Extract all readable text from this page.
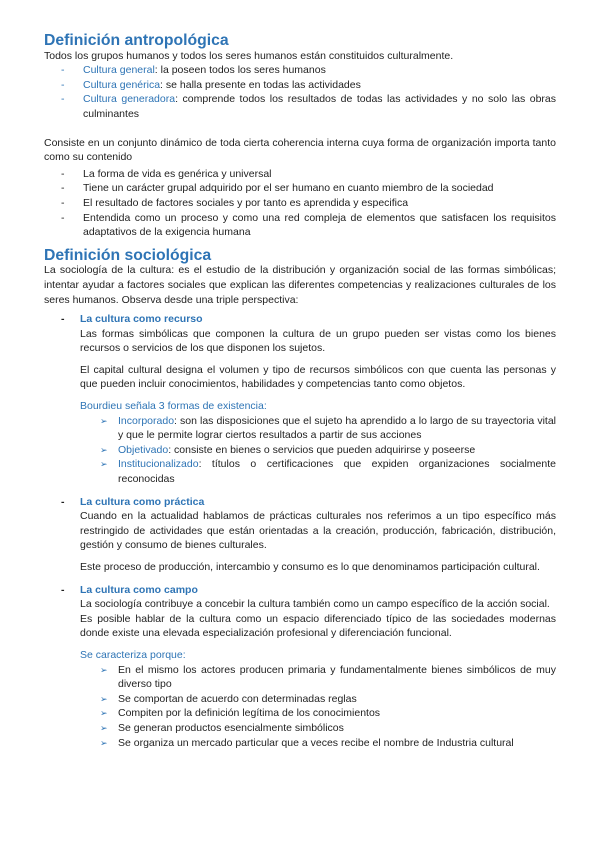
Definición antropológica

Todos los grupos humanos y todos los seres humanos están constituidos culturalmente.

- Cultura general: la poseen todos los seres humanos
- Cultura genérica: se halla presente en todas las actividades
- Cultura generadora: comprende todos los resultados de todas las actividades y no solo las obras culminantes

Consiste en un conjunto dinámico de toda cierta coherencia interna cuya forma de organización importa tanto como su contenido

- La forma de vida es genérica y universal
- Tiene un carácter grupal adquirido por el ser humano en cuanto miembro de la sociedad
- El resultado de factores sociales y por tanto es aprendida y especifica
- Entendida como un proceso y como una red compleja de elementos que satisfacen los requisitos adaptativos de la exigencia humana
Definición sociológica

La sociología de la cultura: es el estudio de la distribución y organización social de las formas simbólicas; intentar ayudar a factores sociales que explican las diferentes competencias y realizaciones culturales de los seres humanos. Observa desde una triple perspectiva:

- La cultura como recurso

Las formas simbólicas que componen la cultura de un grupo pueden ser vistas como los bienes recursos o servicios de los que disponen los sujetos.

El capital cultural designa el volumen y tipo de recursos simbólicos con que cuenta las personas y que pueden incluir conocimientos, habilidades y competencias tanto como objetos.

Bourdieu señala 3 formas de existencia:
➢ Incorporado: son las disposiciones que el sujeto ha aprendido a lo largo de su trayectoria vital y que le permite lograr ciertos resultados a partir de sus acciones
➢ Objetivado: consiste en bienes o servicios que pueden adquirirse y poseerse
➢ Institucionalizado: títulos o certificaciones que expiden organizaciones socialmente reconocidas
- La cultura como práctica

Cuando en la actualidad hablamos de prácticas culturales nos referimos a un tipo específico más restringido de actividades que están orientadas a la creación, producción, fabricación, distribución, gestión y consumo de bienes culturales.

Este proceso de producción, intercambio y consumo es lo que denominamos participación cultural.

- La cultura como campo

La sociología contribuye a concebir la cultura también como un campo específico de la acción social.

Es posible hablar de la cultura como un espacio diferenciado típico de las sociedades modernas donde existe una elevada especialización profesional y diferenciación funcional.

Se caracteriza porque:
➢ En el mismo los actores producen primaria y fundamentalmente bienes simbólicos de muy diverso tipo
➢ Se comportan de acuerdo con determinadas reglas
➢ Compiten por la definición legítima de los conocimientos
➢ Se generan productos esencialmente simbólicos
➢ Se organiza un mercado particular que a veces recibe el nombre de Industria cultural
